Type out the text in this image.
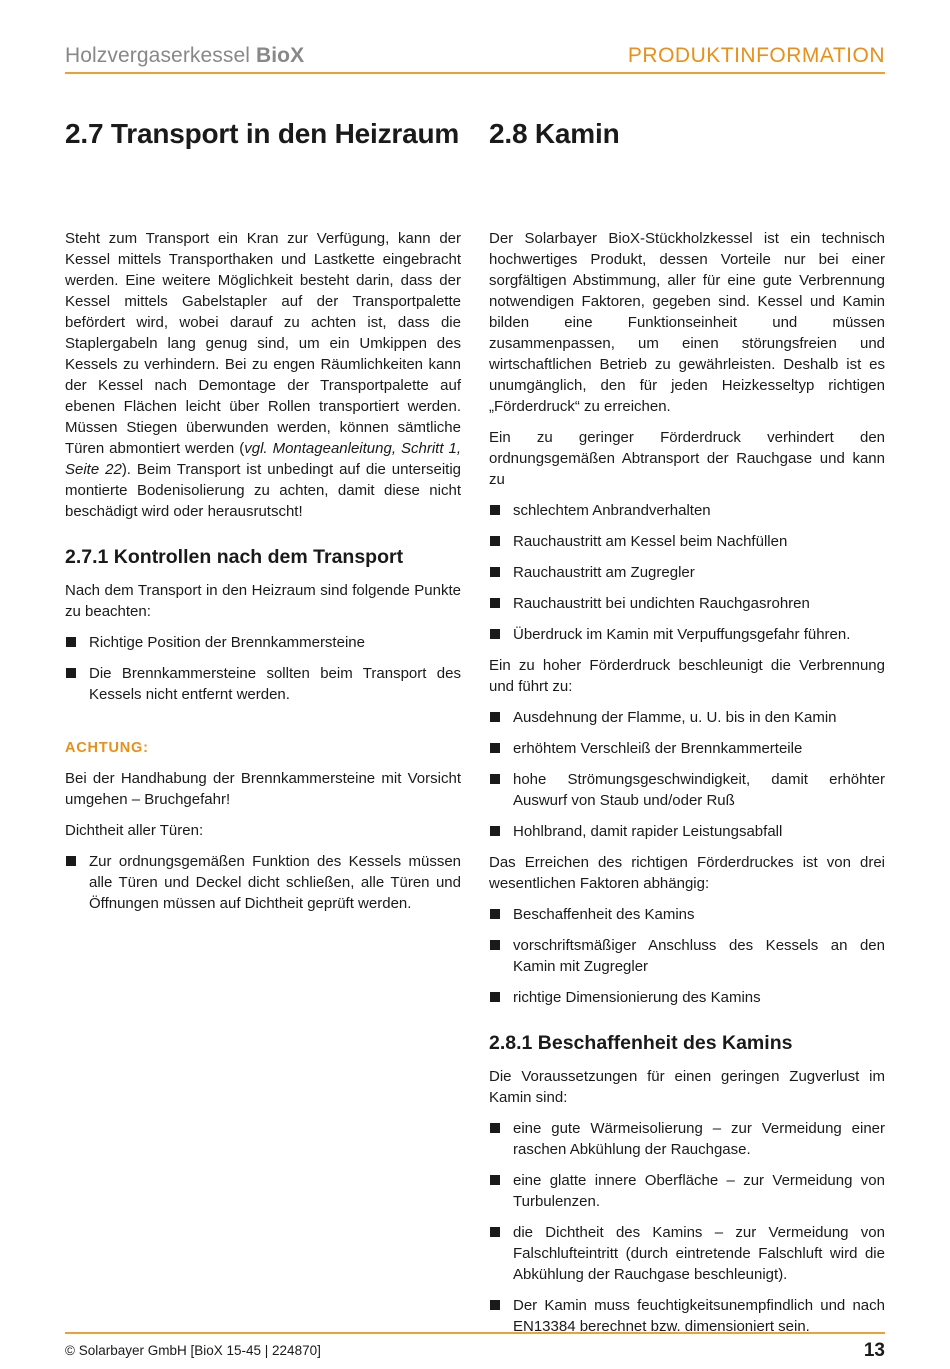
Holzvergaserkessel BioX	PRODUKTINFORMATION
2.7 Transport in den Heizraum

Steht zum Transport ein Kran zur Verfügung, kann der Kessel mittels Transporthaken und Lastkette eingebracht werden. Eine weitere Möglichkeit besteht darin, dass der Kessel mittels Gabelstapler auf der Transportpalette befördert wird, wobei darauf zu achten ist, dass die Staplergabeln lang genug sind, um ein Umkippen des Kessels zu verhindern. Bei zu engen Räumlichkeiten kann der Kessel nach Demontage der Transportpalette auf ebenen Flächen leicht über Rollen transportiert werden. Müssen Stiegen überwunden werden, können sämtliche Türen abmontiert werden (vgl. Montageanleitung, Schritt 1, Seite 22). Beim Transport ist unbedingt auf die unterseitig montierte Bodenisolierung zu achten, damit diese nicht beschädigt wird oder herausrutscht!

2.7.1 Kontrollen nach dem Transport

Nach dem Transport in den Heizraum sind folgende Punkte zu beachten:

Richtige Position der Brennkammersteine
Die Brennkammersteine sollten beim Transport des Kessels nicht entfernt werden.
ACHTUNG:

Bei der Handhabung der Brennkammersteine mit Vorsicht umgehen – Bruchgefahr!

Dichtheit aller Türen:

Zur ordnungsgemäßen Funktion des Kessels müssen alle Türen und Deckel dicht schließen, alle Türen und Öffnungen müssen auf Dichtheit geprüft werden.
2.8 Kamin

Der Solarbayer BioX-Stückholzkessel ist ein technisch hochwertiges Produkt, dessen Vorteile nur bei einer sorgfältigen Abstimmung, aller für eine gute Verbrennung notwendigen Faktoren, gegeben sind. Kessel und Kamin bilden eine Funktionseinheit und müssen zusammenpassen, um einen störungsfreien und wirtschaftlichen Betrieb zu gewährleisten. Deshalb ist es unumgänglich, den für jeden Heizkesseltyp richtigen „Förderdruck“ zu erreichen.

Ein zu geringer Förderdruck verhindert den ordnungsgemäßen Abtransport der Rauchgase und kann zu

schlechtem Anbrandverhalten
Rauchaustritt am Kessel beim Nachfüllen
Rauchaustritt am Zugregler
Rauchaustritt bei undichten Rauchgasrohren
Überdruck im Kamin mit Verpuffungsgefahr führen.

Ein zu hoher Förderdruck beschleunigt die Verbrennung und führt zu:

Ausdehnung der Flamme, u. U. bis in den Kamin
erhöhtem Verschleiß der Brennkammerteile
hohe Strömungsgeschwindigkeit, damit erhöhter Auswurf von Staub und/oder Ruß
Hohlbrand, damit rapider Leistungsabfall

Das Erreichen des richtigen Förderdruckes ist von drei wesentlichen Faktoren abhängig:

Beschaffenheit des Kamins
vorschriftsmäßiger Anschluss des Kessels an den Kamin mit Zugregler
richtige Dimensionierung des Kamins
2.8.1 Beschaffenheit des Kamins

Die Voraussetzungen für einen geringen Zugverlust im Kamin sind:

eine gute Wärmeisolierung – zur Vermeidung einer raschen Abkühlung der Rauchgase.
eine glatte innere Oberfläche – zur Vermeidung von Turbulenzen.
die Dichtheit des Kamins – zur Vermeidung von Falschlufteintritt (durch eintretende Falschluft wird die Abkühlung der Rauchgase beschleunigt).
Der Kamin muss feuchtigkeitsunempfindlich und nach EN13384 berechnet bzw. dimensioniert sein.
© Solarbayer GmbH [BioX 15-45 | 224870]	13
